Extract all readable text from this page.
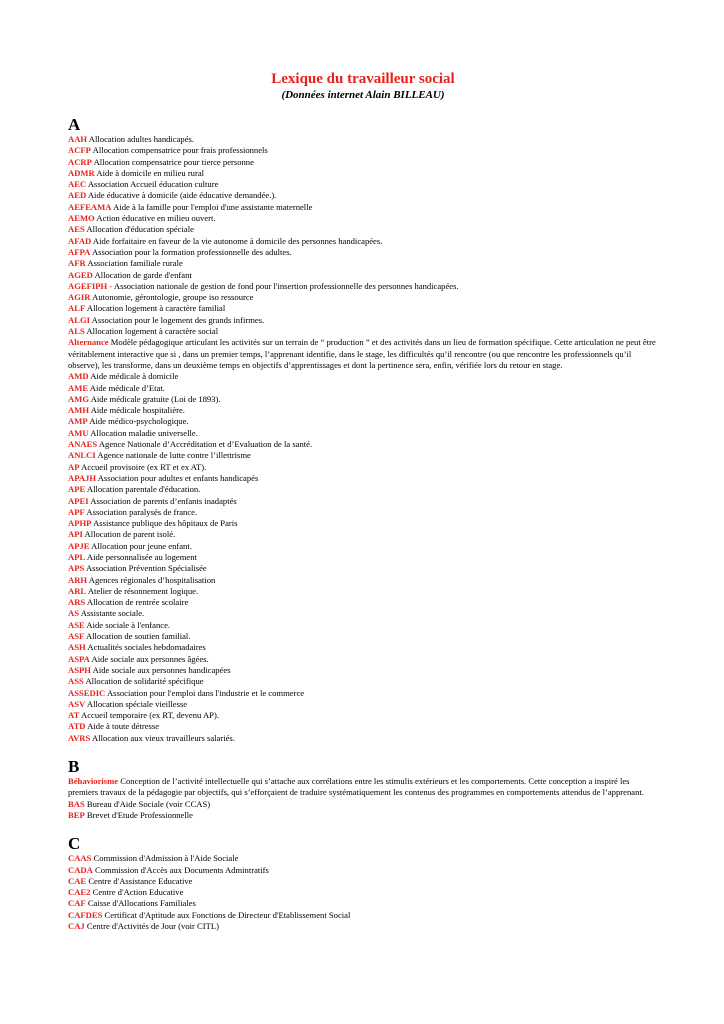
Lexique du travailleur social
(Données internet Alain BILLEAU)
A
AAH Allocation adultes handicapés.
ACFP Allocation compensatrice pour frais professionnels
ACRP Allocation compensatrice pour tierce personne
ADMR Aide à domicile en milieu rural
AEC Association Accueil éducation culture
AED Aide éducative à domicile (aide éducative demandée.).
AEFEAMA Aide à la famille pour l'emploi d'une assistante maternelle
AEMO Action éducative en milieu ouvert.
AES Allocation d'éducation spéciale
AFAD Aide forfaitaire en faveur de la vie autonome à domicile des personnes handicapées.
AFPA Association pour la formation professionnelle des adultes.
AFR Association familiale rurale
AGED Allocation de garde d'enfant
AGEFIPH - Association nationale de gestion de fond pour l'insertion professionnelle des personnes handicapées.
AGIR Autonomie, gérontologie, groupe iso ressource
ALF Allocation logement à caractère familial
ALGI Association pour le logement des grands infirmes.
ALS Allocation logement à caractère social
Alternance Modèle pédagogique articulant les activités sur un terrain de “ production ” et des activités dans un lieu de formation spécifique. Cette articulation ne peut être véritablement interactive que si , dans un premier temps, l’apprenant identifie, dans le stage, les difficultés qu’il rencontre (ou que rencontre les professionnels qu’il observe), les transforme, dans un deuxième temps en objectifs d’apprentissages et dont la pertinence sera, enfin, vérifiée lors du retour en stage.
AMD Aide médicale à domicile
AME Aide médicale d’Etat.
AMG Aide médicale gratuite (Loi de 1893).
AMH Aide médicale hospitalière.
AMP Aide médico-psychologique.
AMU Allocation maladie universelle.
ANAES Agence Nationale d’Accréditation et d’Evaluation de la santé.
ANLCI Agence nationale de lutte contre l’illettrisme
AP Accueil provisoire (ex RT et ex AT).
APAJH Association pour adultes et enfants handicapés
APE Allocation parentale d'éducation.
APEI Association de parents d’enfants inadaptés
APF Association paralysés de france.
APHP Assistance publique des hôpitaux de Paris
API Allocation de parent isolé.
APJE Allocation pour jeune enfant.
APL Aide personnalisée au logement
APS Association Prévention Spécialisée
ARH Agences régionales d’hospitalisation
ARL Atelier de résonnement logique.
ARS Allocation de rentrée scolaire
AS Assistante sociale.
ASE Aide sociale à l'enfance.
ASF Allocation de soutien familial.
ASH Actualités sociales hebdomadaires
ASPA Aide sociale aux personnes âgées.
ASPH Aide sociale aux personnes handicapées
ASS Allocation de solidarité spécifique
ASSEDIC Association pour l'emploi dans l'industrie et le commerce
ASV Allocation spéciale vieillesse
AT Accueil temporaire (ex RT, devenu AP).
ATD Aide à toute détresse
AVRS Allocation aux vieux travailleurs salariés.
B
Béhaviorisme Conception de l’activité intellectuelle qui s’attache aux corrélations entre les stimulis extérieurs et les comportements. Cette conception a inspiré les premiers travaux de la pédagogie par objectifs, qui s’efforçaient de traduire systématiquement les contenus des programmes en comportements attendus de l’apprenant.
BAS Bureau d'Aide Sociale (voir CCAS)
BEP Brevet d'Etude Professionnelle
C
CAAS Commission d'Admission à l'Aide Sociale
CADA Commission d'Accès aux Documents Admintratifs
CAE Centre d'Assistance Educative
CAE2 Centre d'Action Educative
CAF Caisse d'Allocations Familiales
CAFDES Certificat d'Aptitude aux Fonctions de Directeur d'Etablissement Social
CAJ Centre d'Activités de Jour (voir CITL)
